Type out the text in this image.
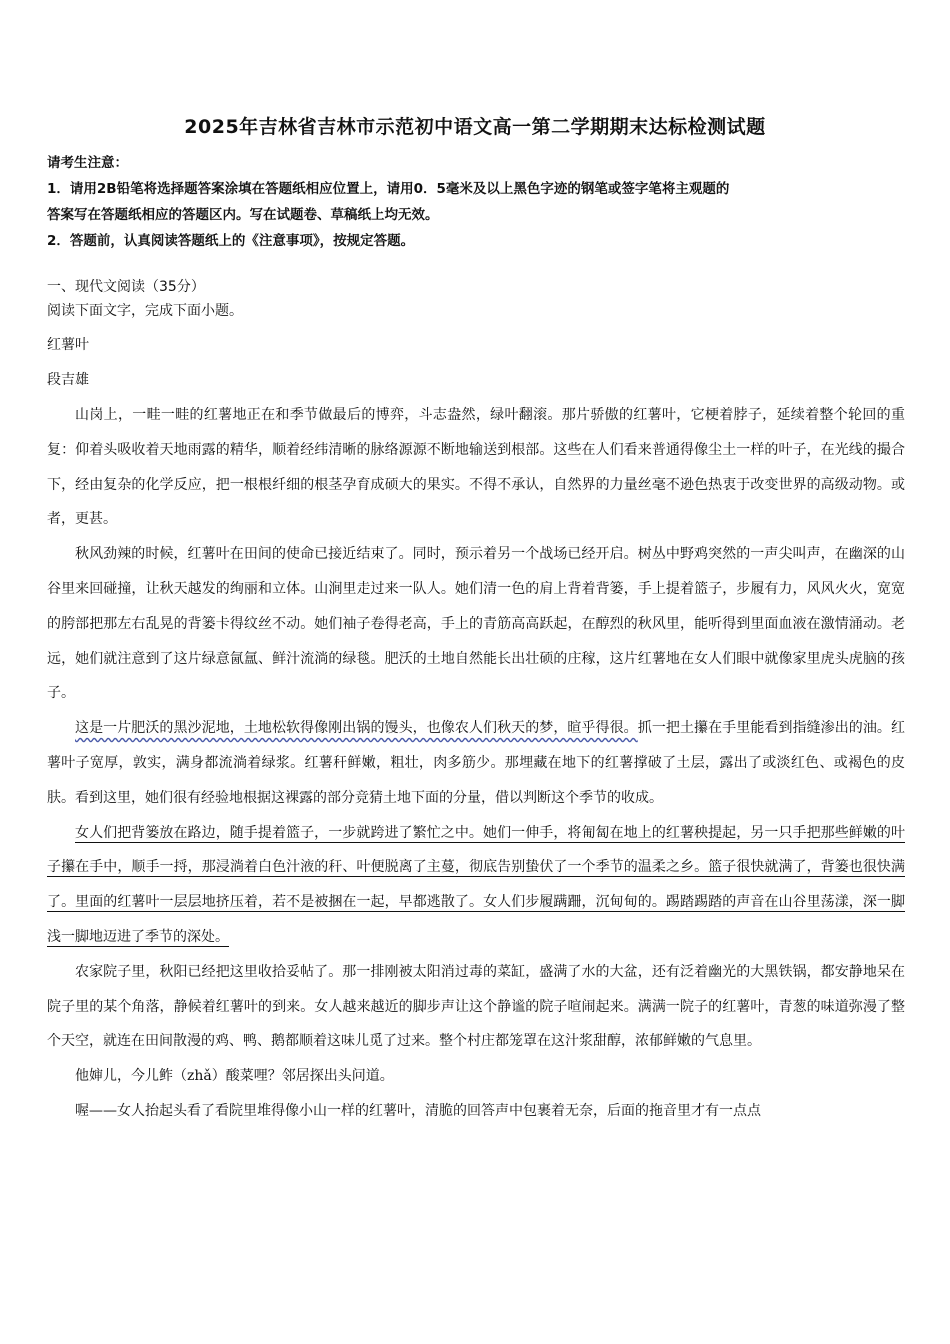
2025年吉林省吉林市示范初中语文高一第二学期期末达标检测试题
请考生注意：
1．请用2B铅笔将选择题答案涂填在答题纸相应位置上，请用0．5毫米及以上黑色字迹的钢笔或签字笔将主观题的
答案写在答题纸相应的答题区内。写在试题卷、草稿纸上均无效。
2．答题前，认真阅读答题纸上的《注意事项》，按规定答题。
一、现代文阅读（35分）
阅读下面文字，完成下面小题。
红薯叶
段吉雄

山岗上，一畦一畦的红薯地正在和季节做最后的博弈，斗志盎然，绿叶翻滚。那片骄傲的红薯叶，它梗着脖子，延续着整个轮回的重复：仰着头吸收着天地雨露的精华，顺着经纬清晰的脉络源源不断地输送到根部。这些在人们看来普通得像尘土一样的叶子，在光线的撮合下，经由复杂的化学反应，把一根根纤细的根茎孕育成硕大的果实。不得不承认，自然界的力量丝毫不逊色热衷于改变世界的高级动物。或者，更甚。

秋风劲辣的时候，红薯叶在田间的使命已接近结束了。同时，预示着另一个战场已经开启。树丛中野鸡突然的一声尖叫声，在幽深的山谷里来回碰撞，让秋天越发的绚丽和立体。山涧里走过来一队人。她们清一色的肩上背着背篓，手上提着篮子，步履有力，风风火火，宽宽的胯部把那左右乱晃的背篓卡得纹丝不动。她们袖子卷得老高，手上的青筋高高跃起，在醇烈的秋风里，能听得到里面血液在激情涌动。老远，她们就注意到了这片绿意氤氲、鲜汁流淌的绿毯。肥沃的土地自然能长出壮硕的庄稼，这片红薯地在女人们眼中就像家里虎头虎脑的孩子。

这是一片肥沃的黑沙泥地，土地松软得像刚出锅的馒头，也像农人们秋天的梦，暄乎得很。抓一把土攥在手里能看到指缝渗出的油。红薯叶子宽厚，敦实，满身都流淌着绿浆。红薯秆鲜嫩，粗壮，肉多筋少。那埋藏在地下的红薯撑破了土层，露出了或淡红色、或褐色的皮肤。看到这里，她们很有经验地根据这裸露的部分竞猜土地下面的分量，借以判断这个季节的收成。

女人们把背篓放在路边，随手提着篮子，一步就跨进了繁忙之中。她们一伸手，将匍匐在地上的红薯秧提起，另一只手把那些鲜嫩的叶子攥在手中，顺手一捋，那浸淌着白色汁液的秆、叶便脱离了主蔓，彻底告别蛰伏了一个季节的温柔之乡。篮子很快就满了，背篓也很快满了。里面的红薯叶一层层地挤压着，若不是被捆在一起，早都逃散了。女人们步履蹒跚，沉甸甸的。踢踏踢踏的声音在山谷里荡漾，深一脚浅一脚地迈进了季节的深处。

农家院子里，秋阳已经把这里收拾妥帖了。那一排刚被太阳消过毒的菜缸，盛满了水的大盆，还有泛着幽光的大黑铁锅，都安静地呆在院子里的某个角落，静候着红薯叶的到来。女人越来越近的脚步声让这个静谧的院子喧闹起来。满满一院子的红薯叶，青葱的味道弥漫了整个天空，就连在田间散漫的鸡、鸭、鹅都顺着这味儿觅了过来。整个村庄都笼罩在这汁浆甜醇，浓郁鲜嫩的气息里。

他婶儿，今儿鲊（zhǎ）酸菜哩？邻居探出头问道。

喔——女人抬起头看了看院里堆得像小山一样的红薯叶，清脆的回答声中包裹着无奈，后面的拖音里才有一点点
